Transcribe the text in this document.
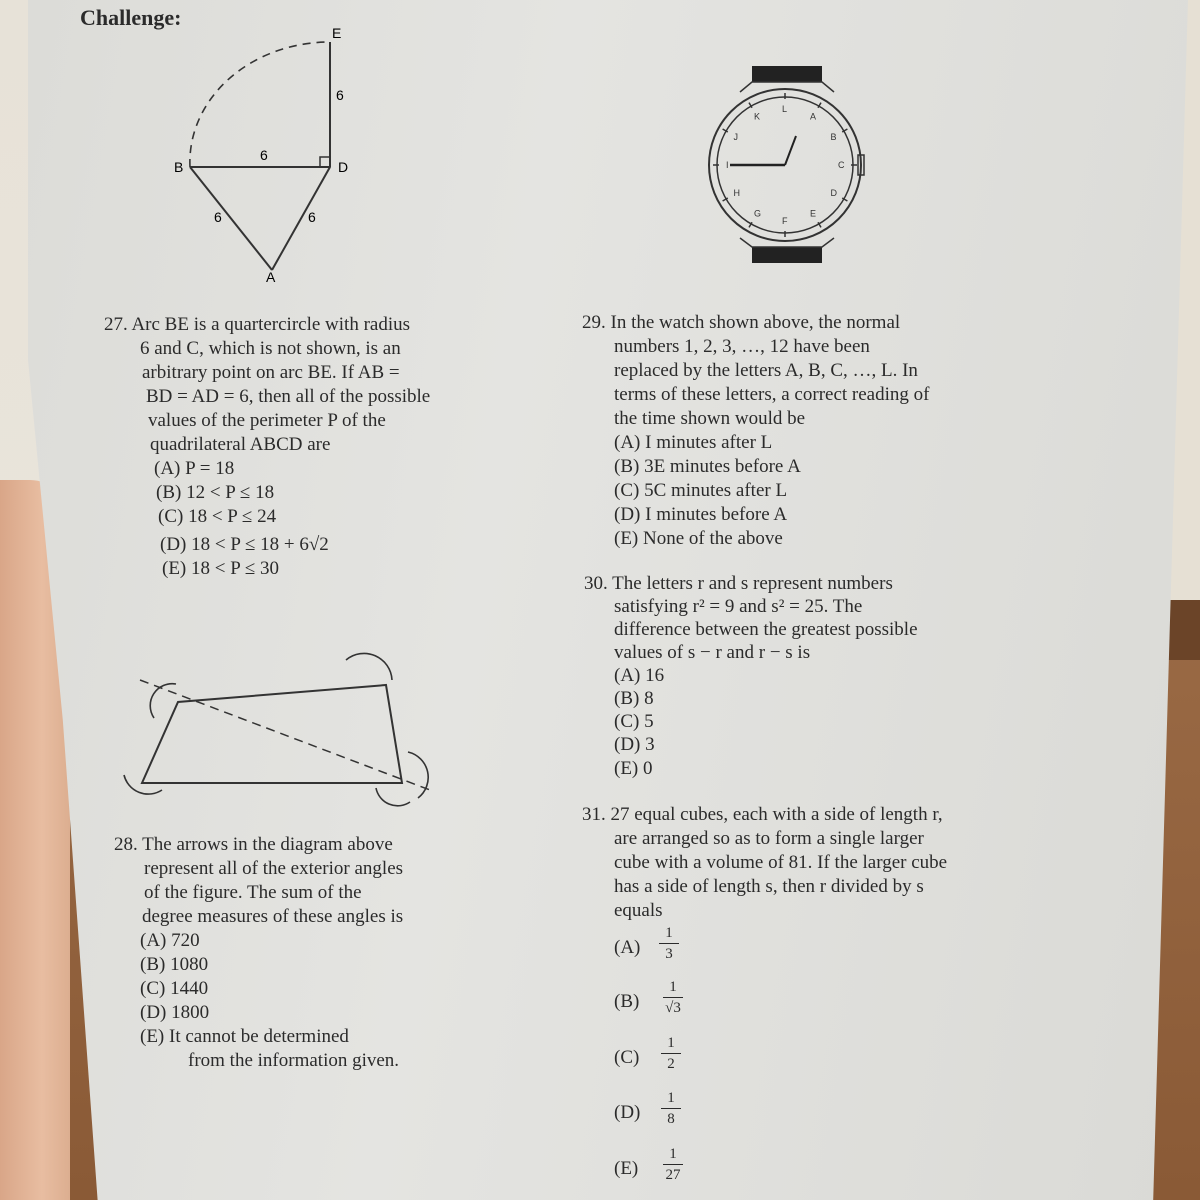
Challenge:
E
B	D
A
6
6
6	6
A
B
C
D
E
F
G
H
I
J
K
L
27. Arc BE is a quartercircle with radius
6 and C, which is not shown, is an
arbitrary point on arc BE. If AB =
BD = AD = 6, then all of the possible
values of the perimeter P of the
quadrilateral ABCD are
(A) P = 18
(B) 12 < P ≤ 18
(C) 18 < P ≤ 24
(D) 18 < P ≤ 18 + 6√2
(E) 18 < P ≤ 30
28. The arrows in the diagram above
represent all of the exterior angles
of the figure. The sum of the
degree measures of these angles is
(A) 720
(B) 1080
(C) 1440
(D) 1800
(E) It cannot be determined
from the information given.
29. In the watch shown above, the normal
numbers 1, 2, 3, …, 12 have been
replaced by the letters A, B, C, …, L. In
terms of these letters, a correct reading of
the time shown would be
(A) I minutes after L
(B) 3E minutes before A
(C) 5C minutes after L
(D) I minutes before A
(E) None of the above
30. The letters r and s represent numbers
satisfying r² = 9 and s² = 25. The
difference between the greatest possible
values of s − r and r − s is
(A) 16
(B) 8
(C) 5
(D) 3
(E) 0
31. 27 equal cubes, each with a side of length r,
are arranged so as to form a single larger
cube with a volume of 81. If the larger cube
has a side of length s, then r divided by s
equals
(A)
1
3
(B)
1
√3
(C)
1
2
(D)
1
8
(E)
1
27
